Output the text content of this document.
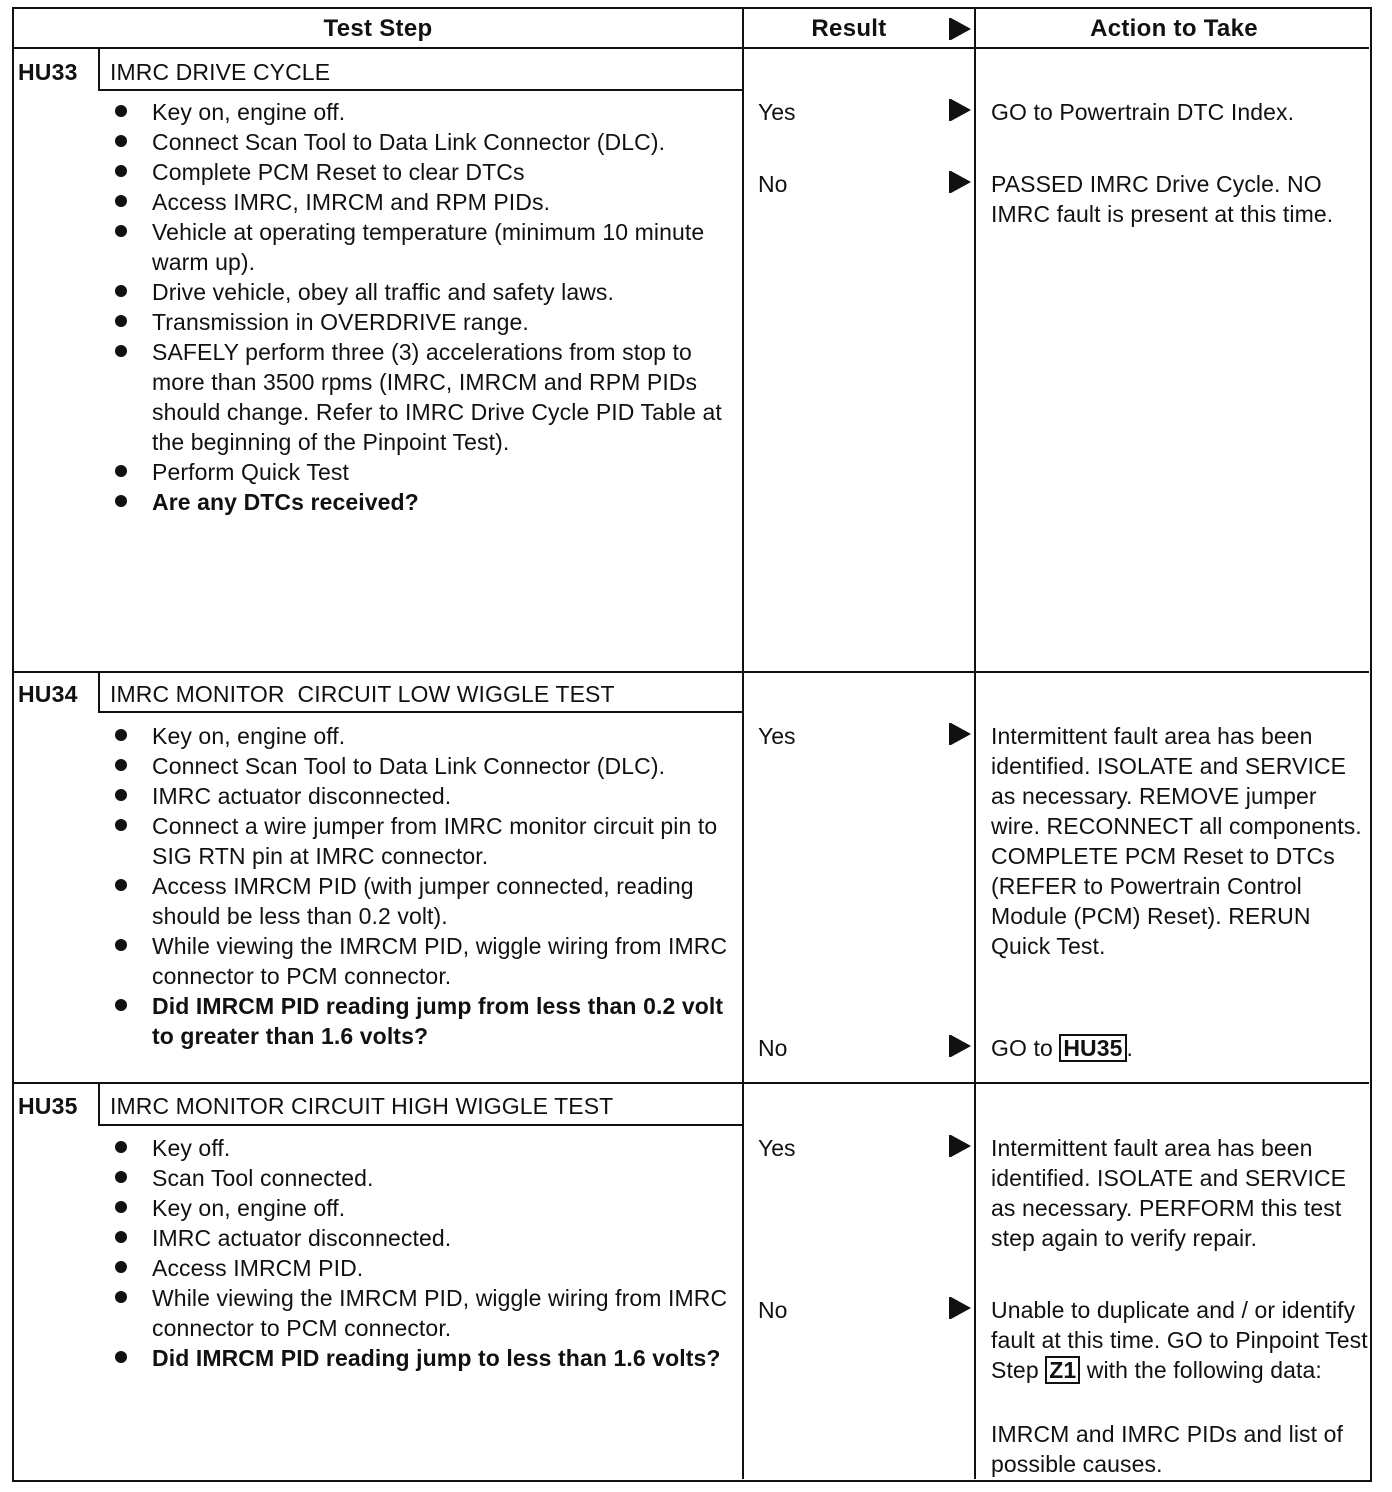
Test Step	Result	Action to Take
HU33 IMRC DRIVE CYCLE
Key on, engine off.
Connect Scan Tool to Data Link Connector (DLC).
Complete PCM Reset to clear DTCs
Access IMRC, IMRCM and RPM PIDs.
Vehicle at operating temperature (minimum 10 minute warm up).
Drive vehicle, obey all traffic and safety laws.
Transmission in OVERDRIVE range.
SAFELY perform three (3) accelerations from stop to more than 3500 rpms (IMRC, IMRCM and RPM PIDs should change. Refer to IMRC Drive Cycle PID Table at the beginning of the Pinpoint Test).
Perform Quick Test
Are any DTCs received?
Yes	GO to Powertrain DTC Index.
No	PASSED IMRC Drive Cycle. NO IMRC fault is present at this time.
HU34 IMRC MONITOR  CIRCUIT LOW WIGGLE TEST
Key on, engine off.
Connect Scan Tool to Data Link Connector (DLC).
IMRC actuator disconnected.
Connect a wire jumper from IMRC monitor circuit pin to SIG RTN pin at IMRC connector.
Access IMRCM PID (with jumper connected, reading should be less than 0.2 volt).
While viewing the IMRCM PID, wiggle wiring from IMRC connector to PCM connector.
Did IMRCM PID reading jump from less than 0.2 volt to greater than 1.6 volts?
Yes	Intermittent fault area has been identified. ISOLATE and SERVICE as necessary. REMOVE jumper wire. RECONNECT all components. COMPLETE PCM Reset to DTCs (REFER to Powertrain Control Module (PCM) Reset). RERUN Quick Test.
No	GO to HU35 .
HU35 IMRC MONITOR CIRCUIT HIGH WIGGLE TEST
Key off.
Scan Tool connected.
Key on, engine off.
IMRC actuator disconnected.
Access IMRCM PID.
While viewing the IMRCM PID, wiggle wiring from IMRC connector to PCM connector.
Did IMRCM PID reading jump to less than 1.6 volts?
Yes	Intermittent fault area has been identified. ISOLATE and SERVICE as necessary. PERFORM this test step again to verify repair.
No	Unable to duplicate and / or identify fault at this time. GO to Pinpoint Test Step Z1 with the following data:
IMRCM and IMRC PIDs and list of possible causes.
